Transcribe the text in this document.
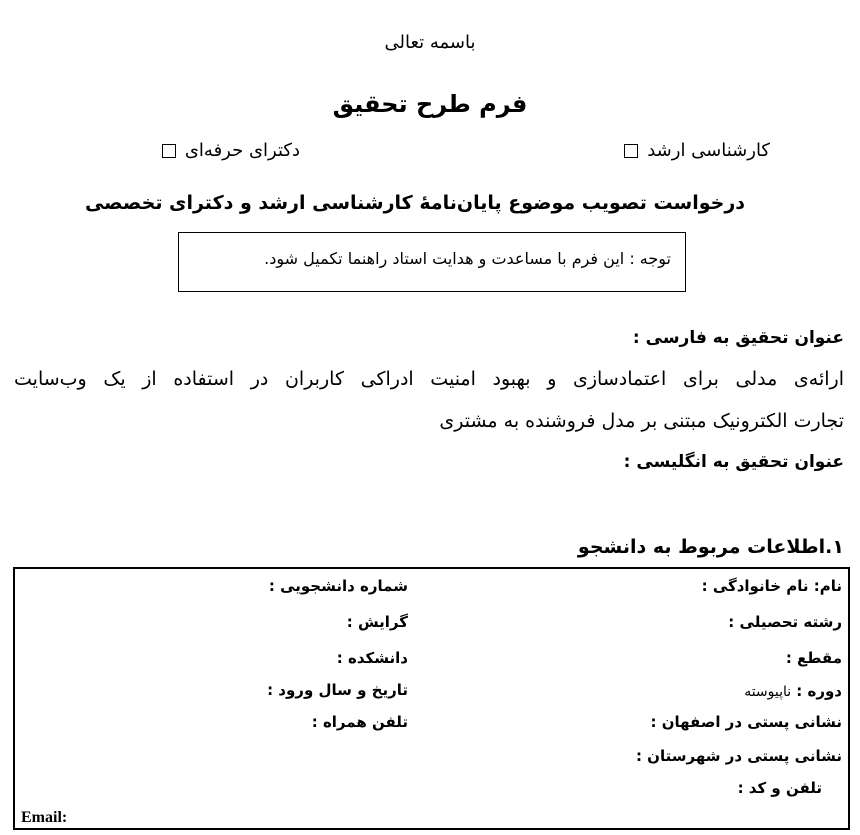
باسمه تعالی
فرم طرح تحقیق
کارشناسی ارشد
دکترای حرفه‌ای
درخواست تصویب موضوع پایان‌نامهٔ کارشناسی ارشد و دکترای تخصصی
توجه : این فرم با مساعدت و هدایت استاد راهنما تکمیل شود.
عنوان تحقیق به فارسی :
ارائه‌ی مدلی برای اعتمادسازی و بهبود امنیت ادراکی کاربران در استفاده از یک وب‌سایت
تجارت الکترونیک مبتنی بر مدل فروشنده به مشتری
عنوان تحقیق به انگلیسی :
۱.اطلاعات مربوط به دانشجو
نام: نام خانوادگی :
رشته تحصیلی :
مقطع :
دوره : ناپیوسته
نشانی پستی در اصفهان :
نشانی پستی در شهرستان :
تلفن و کد :
شماره دانشجویی :
گرایش :
دانشکده :
تاریخ و سال ورود :
تلفن همراه :
Email:
